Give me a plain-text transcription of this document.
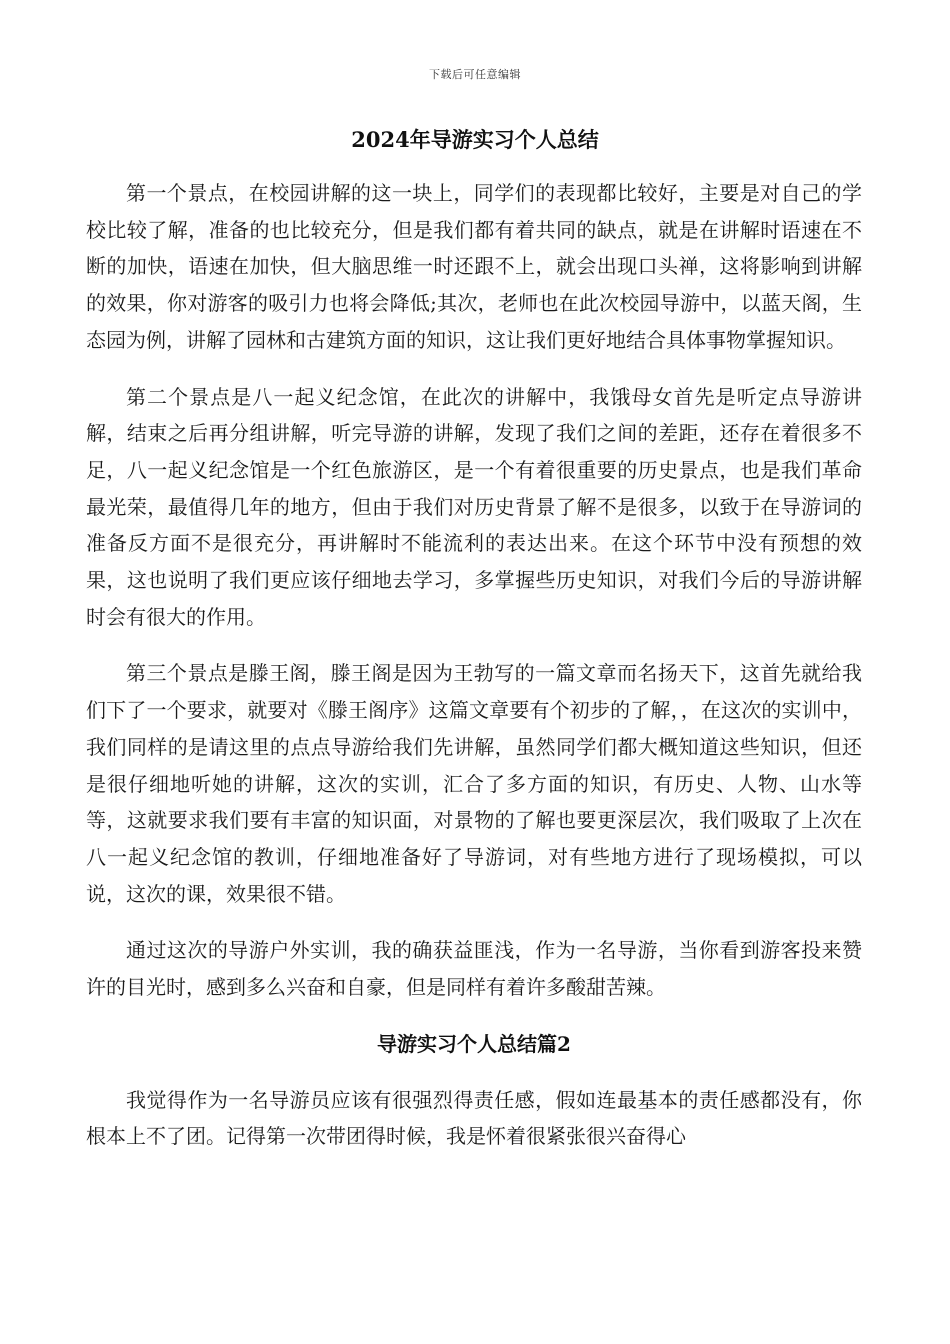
下载后可任意编辑
2024年导游实习个人总结

第一个景点，在校园讲解的这一块上，同学们的表现都比较好，主要是对自己的学校比较了解，准备的也比较充分，但是我们都有着共同的缺点，就是在讲解时语速在不断的加快，语速在加快，但大脑思维一时还跟不上，就会出现口头禅，这将影响到讲解的效果，你对游客的吸引力也将会降低;其次，老师也在此次校园导游中，以蓝天阁，生态园为例，讲解了园林和古建筑方面的知识，这让我们更好地结合具体事物掌握知识。

第二个景点是八一起义纪念馆，在此次的讲解中，我饿母女首先是听定点导游讲解，结束之后再分组讲解，听完导游的讲解，发现了我们之间的差距，还存在着很多不足，八一起义纪念馆是一个红色旅游区，是一个有着很重要的历史景点，也是我们革命最光荣，最值得几年的地方，但由于我们对历史背景了解不是很多，以致于在导游词的准备反方面不是很充分，再讲解时不能流利的表达出来。在这个环节中没有预想的效果，这也说明了我们更应该仔细地去学习，多掌握些历史知识，对我们今后的导游讲解时会有很大的作用。

第三个景点是滕王阁，滕王阁是因为王勃写的一篇文章而名扬天下，这首先就给我们下了一个要求，就要对《滕王阁序》这篇文章要有个初步的了解，，在这次的实训中，我们同样的是请这里的点点导游给我们先讲解，虽然同学们都大概知道这些知识，但还是很仔细地听她的讲解，这次的实训，汇合了多方面的知识，有历史、人物、山水等等，这就要求我们要有丰富的知识面，对景物的了解也要更深层次，我们吸取了上次在八一起义纪念馆的教训，仔细地准备好了导游词，对有些地方进行了现场模拟，可以说，这次的课，效果很不错。

通过这次的导游户外实训，我的确获益匪浅，作为一名导游，当你看到游客投来赞许的目光时，感到多么兴奋和自豪，但是同样有着许多酸甜苦辣。

导游实习个人总结篇2

我觉得作为一名导游员应该有很强烈得责任感，假如连最基本的责任感都没有，你根本上不了团。记得第一次带团得时候，我是怀着很紧张很兴奋得心
